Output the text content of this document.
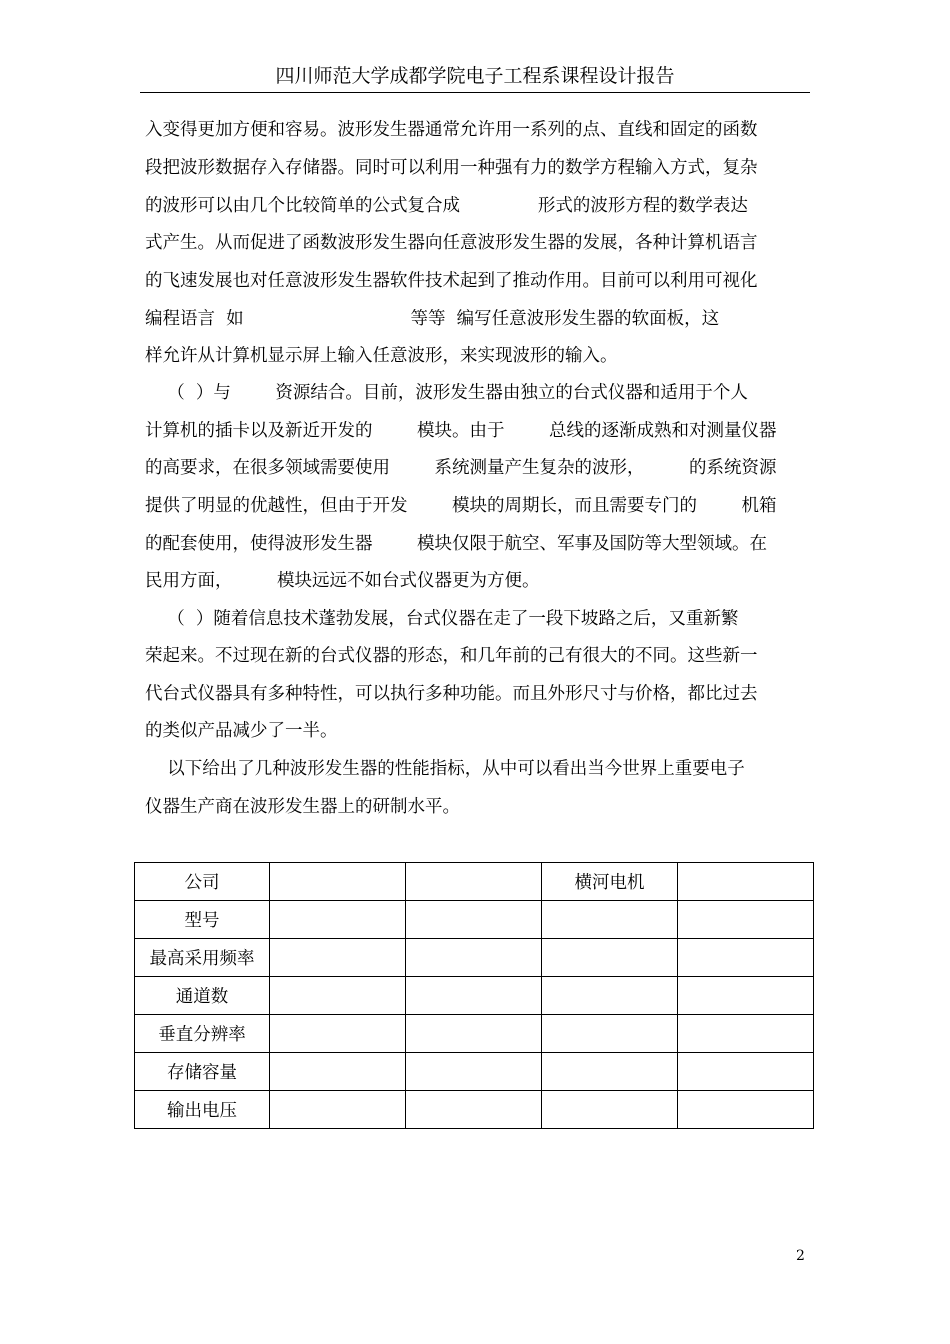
四川师范大学成都学院电子工程系课程设计报告
入变得更加方便和容易。波形发生器通常允许用一系列的点、直线和固定的函数
段把波形数据存入存储器。同时可以利用一种强有力的数学方程输入方式，复杂
的波形可以由几个比较简单的公式复合成              形式的波形方程的数学表达
式产生。从而促进了函数波形发生器向任意波形发生器的发展，各种计算机语言
的飞速发展也对任意波形发生器软件技术起到了推动作用。目前可以利用可视化
编程语言  如                              等等  编写任意波形发生器的软面板，这
样允许从计算机显示屏上输入任意波形，来实现波形的输入。
（  ）与        资源结合。目前，波形发生器由独立的台式仪器和适用于个人
计算机的插卡以及新近开发的        模块。由于        总线的逐渐成熟和对测量仪器
的高要求，在很多领域需要使用        系统测量产生复杂的波形，        的系统资源
提供了明显的优越性，但由于开发        模块的周期长，而且需要专门的        机箱
的配套使用，使得波形发生器        模块仅限于航空、军事及国防等大型领域。在
民用方面，        模块远远不如台式仪器更为方便。
（  ）随着信息技术蓬勃发展，台式仪器在走了一段下坡路之后，又重新繁
荣起来。不过现在新的台式仪器的形态，和几年前的己有很大的不同。这些新一
代台式仪器具有多种特性，可以执行多种功能。而且外形尺寸与价格，都比过去
的类似产品减少了一半。
以下给出了几种波形发生器的性能指标，从中可以看出当今世界上重要电子
仪器生产商在波形发生器上的研制水平。
公司			横河电机	
型号				
最高采用频率				
通道数				
垂直分辨率				
存储容量				
输出电压				
2
